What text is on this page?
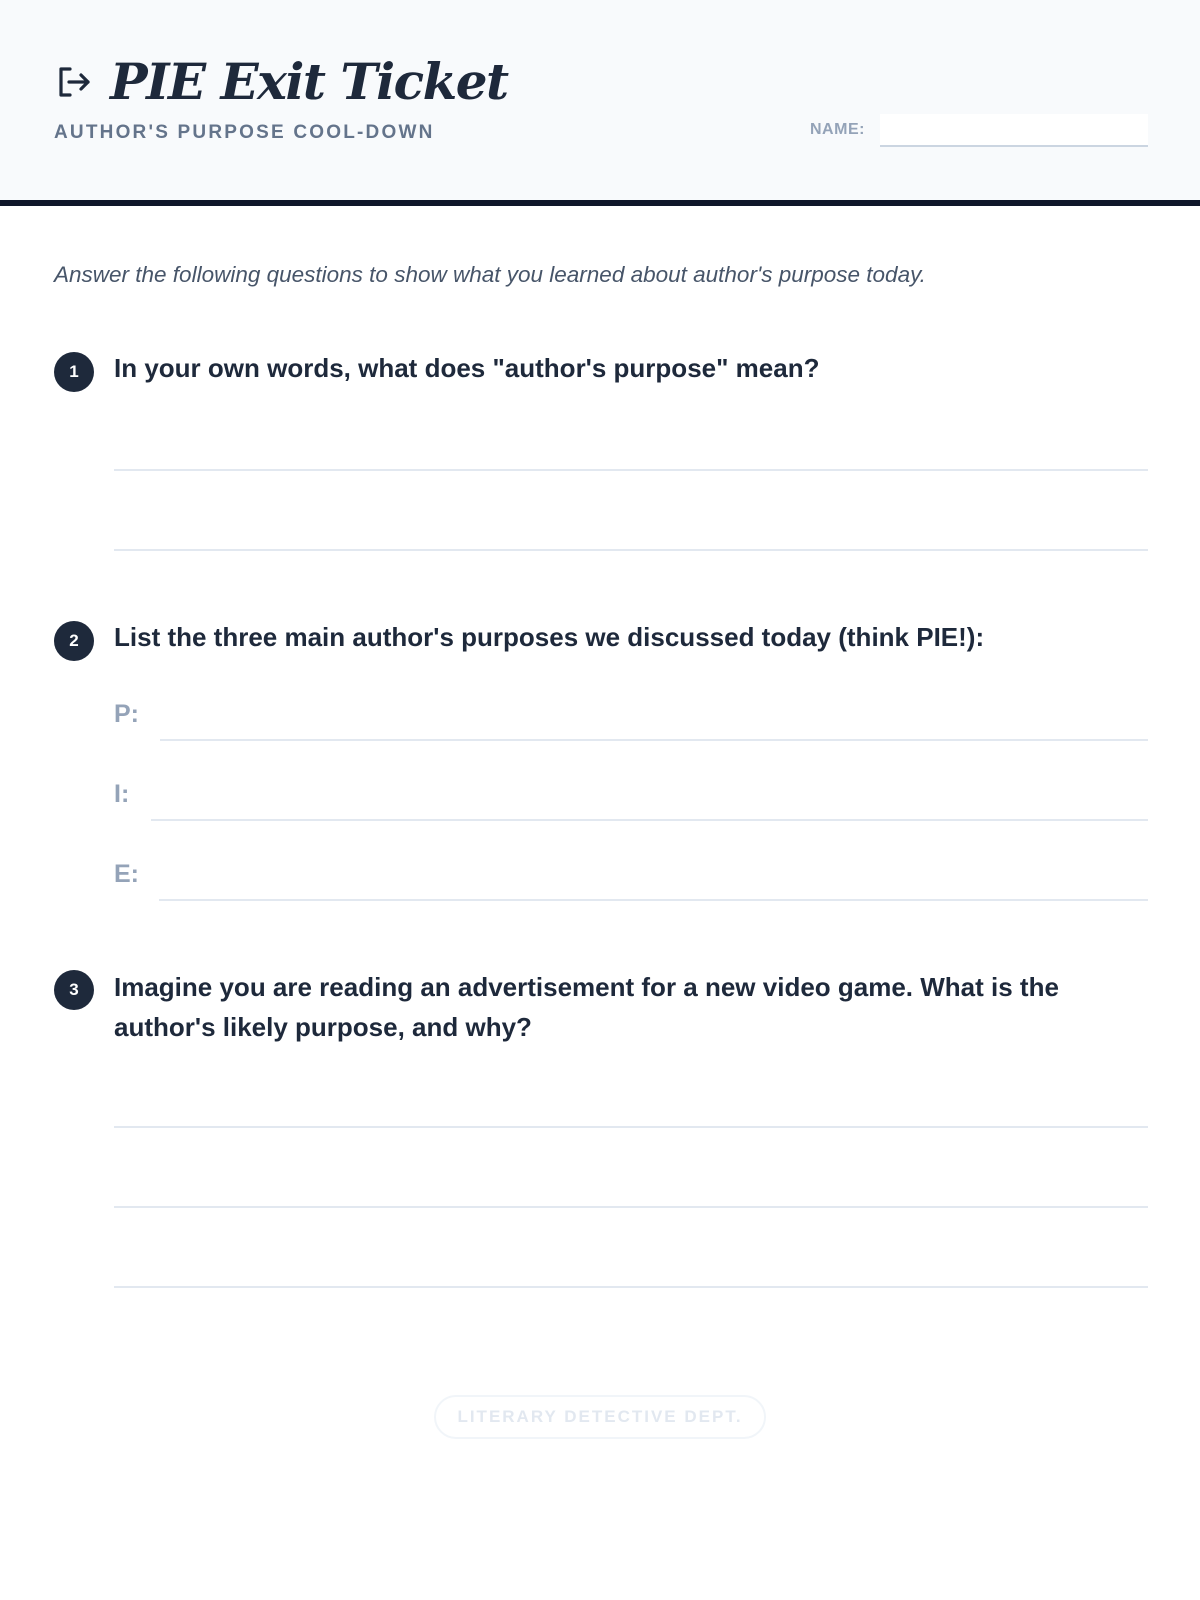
PIE Exit Ticket
AUTHOR'S PURPOSE COOL-DOWN	NAME:

Answer the following questions to show what you learned about author's purpose today.

1	In your own words, what does "author's purpose" mean?
2	List the three main author's purposes we discussed today (think PIE!):
P:
I:
E:
3	Imagine you are reading an advertisement for a new video game. What is the author's likely purpose, and why?
LITERARY DETECTIVE DEPT.
